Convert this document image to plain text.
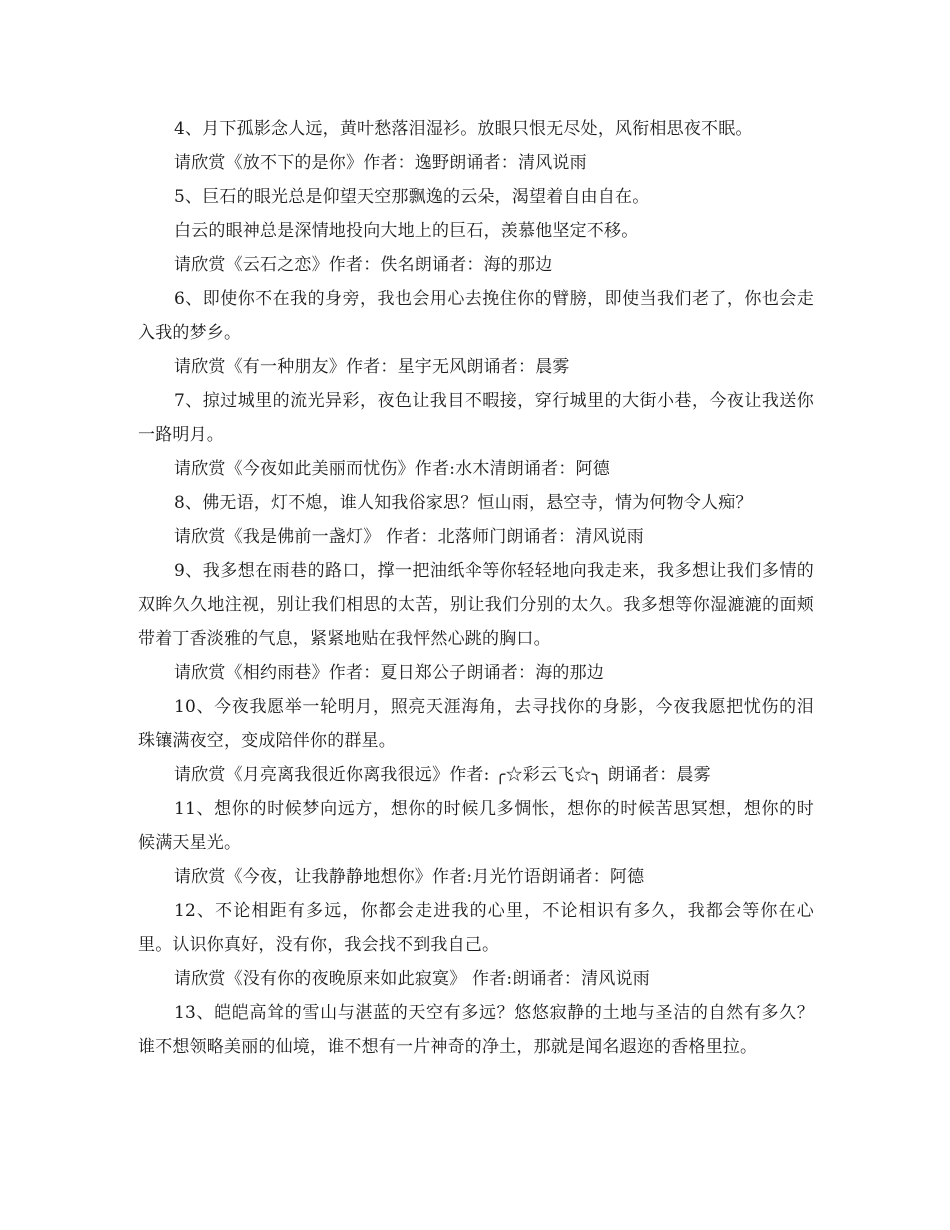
4、月下孤影念人远，黄叶愁落泪湿衫。放眼只恨无尽处，风衔相思夜不眠。

请欣赏《放不下的是你》作者：逸野朗诵者：清风说雨

5、巨石的眼光总是仰望天空那飘逸的云朵，渴望着自由自在。

白云的眼神总是深情地投向大地上的巨石，羡慕他坚定不移。

请欣赏《云石之恋》作者：佚名朗诵者：海的那边

6、即使你不在我的身旁，我也会用心去挽住你的臂膀，即使当我们老了，你也会走入我的梦乡。

请欣赏《有一种朋友》作者：星宇无风朗诵者：晨雾

7、掠过城里的流光异彩，夜色让我目不暇接，穿行城里的大街小巷，今夜让我送你一路明月。

请欣赏《今夜如此美丽而忧伤》作者:水木清朗诵者：阿德

8、佛无语，灯不熄，谁人知我俗家思？恒山雨，悬空寺，情为何物令人痴？

请欣赏《我是佛前一盏灯》 作者：北落师门朗诵者：清风说雨

9、我多想在雨巷的路口，撑一把油纸伞等你轻轻地向我走来，我多想让我们多情的双眸久久地注视，别让我们相思的太苦，别让我们分别的太久。我多想等你湿漉漉的面颊带着丁香淡雅的气息，紧紧地贴在我怦然心跳的胸口。

请欣赏《相约雨巷》作者：夏日郑公子朗诵者：海的那边

10、今夜我愿举一轮明月，照亮天涯海角，去寻找你的身影，今夜我愿把忧伤的泪珠镶满夜空，变成陪伴你的群星。

请欣赏《月亮离我很近你离我很远》作者: ╭☆彩云飞☆╮ 朗诵者：晨雾

11、想你的时候梦向远方，想你的时候几多惆怅，想你的时候苦思冥想，想你的时候满天星光。

请欣赏《今夜，让我静静地想你》作者:月光竹语朗诵者：阿德

12、不论相距有多远，你都会走进我的心里，不论相识有多久，我都会等你在心里。认识你真好，没有你，我会找不到我自己。

请欣赏《没有你的夜晚原来如此寂寞》 作者:朗诵者：清风说雨

13、皑皑高耸的雪山与湛蓝的天空有多远？悠悠寂静的土地与圣洁的自然有多久？谁不想领略美丽的仙境，谁不想有一片神奇的净土，那就是闻名遐迩的香格里拉。
